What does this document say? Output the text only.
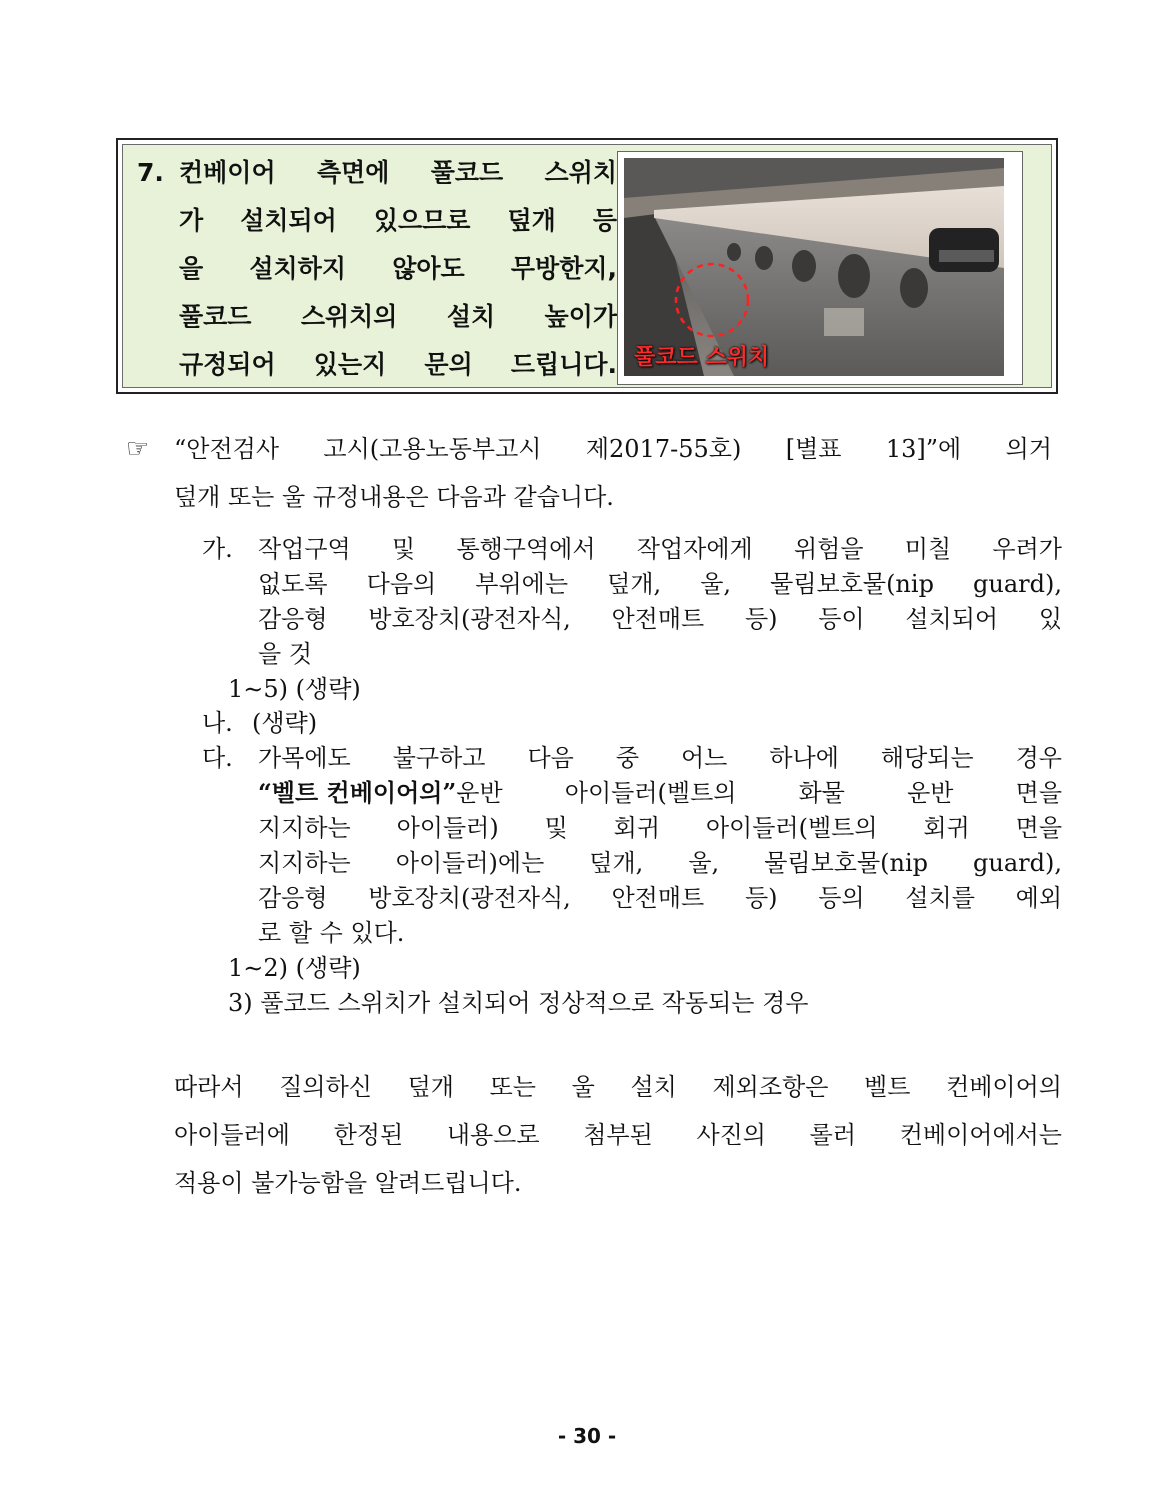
7. 컨베이어 측면에 풀코드 스위치
가 설치되어 있으므로 덮개 등
을 설치하지 않아도 무방한지,
풀코드 스위치의 설치 높이가
규정되어 있는지 문의 드립니다. 풀코드 스위치
☞ “안전검사 고시(고용노동부고시 제2017-55호) [별표 13]”에 의거
덮개 또는 울 규정내용은 다음과 같습니다.
가. 작업구역 및 통행구역에서 작업자에게 위험을 미칠 우려가
없도록 다음의 부위에는 덮개, 울, 물림보호물(nip guard),
감응형 방호장치(광전자식, 안전매트 등) 등이 설치되어 있
을 것
1∼5) (생략)
나. (생략)
다. 가목에도 불구하고 다음 중 어느 하나에 해당되는 경우
“벨트 컨베이어의” 운반 아이들러(벨트의 화물 운반 면을
지지하는 아이들러) 및 회귀 아이들러(벨트의 회귀 면을
지지하는 아이들러)에는 덮개, 울, 물림보호물(nip guard),
감응형 방호장치(광전자식, 안전매트 등) 등의 설치를 예외
로 할 수 있다.
1∼2) (생략)
3) 풀코드 스위치가 설치되어 정상적으로 작동되는 경우
따라서 질의하신 덮개 또는 울 설치 제외조항은 벨트 컨베이어의
아이들러에 한정된 내용으로 첨부된 사진의 롤러 컨베이어에서는
적용이 불가능함을 알려드립니다.
- 30 -
